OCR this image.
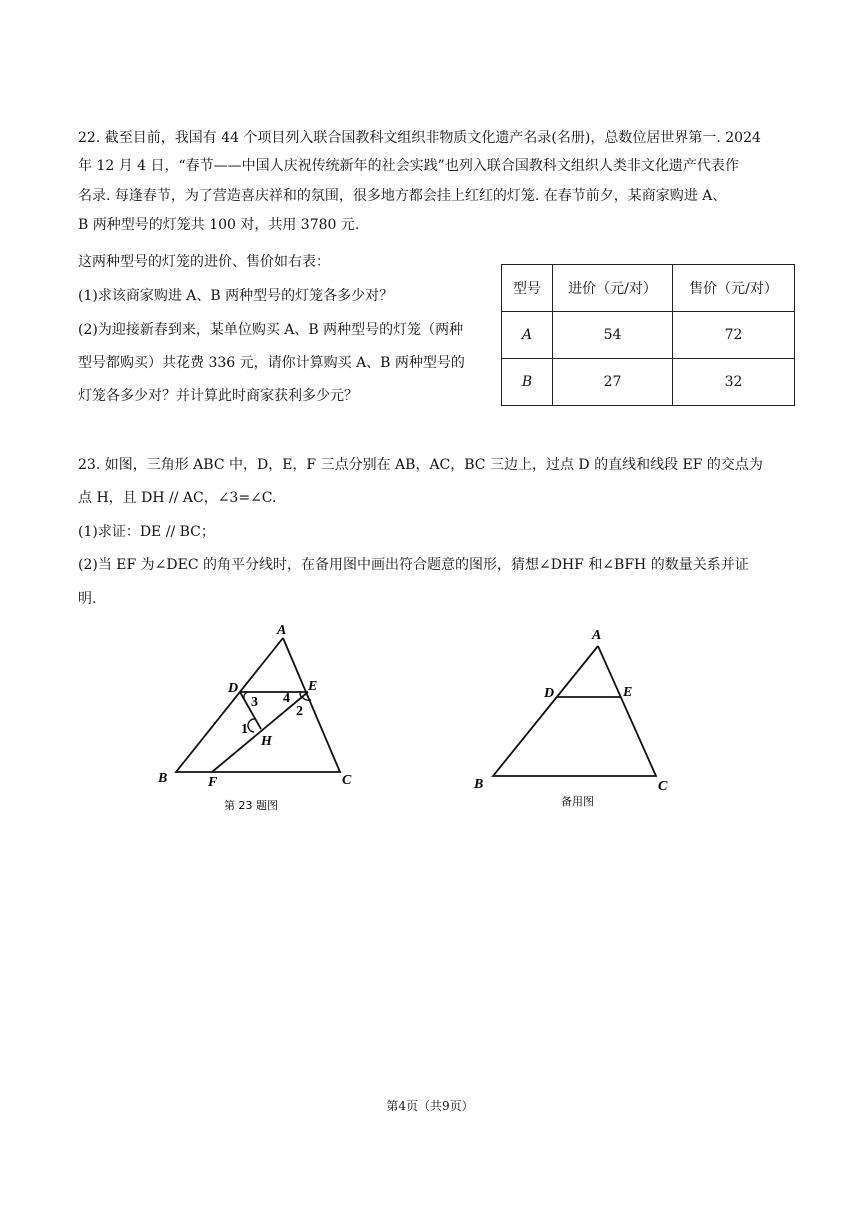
22. 截至目前，我国有 44 个项目列入联合国教科文组织非物质文化遗产名录(名册)，总数位居世界第一. 2024
年 12 月 4 日，“春节——中国人庆祝传统新年的社会实践”也列入联合国教科文组织人类非文化遗产代表作
名录. 每逢春节，为了营造喜庆祥和的氛围，很多地方都会挂上红红的灯笼. 在春节前夕，某商家购进 A、
B 两种型号的灯笼共 100 对，共用 3780 元.
这两种型号的灯笼的进价、售价如右表：
(1)求该商家购进 A、B 两种型号的灯笼各多少对？
(2)为迎接新春到来，某单位购买 A、B 两种型号的灯笼（两种
型号都购买）共花费 336 元，请你计算购买 A、B 两种型号的
灯笼各多少对？并计算此时商家获利多少元？
型号	进价（元/对）	售价（元/对）
A	54	72
B	27	32
23. 如图，三角形 ABC 中，D，E，F 三点分别在 AB，AC，BC 三边上，过点 D 的直线和线段 EF 的交点为
点 H，且 DH // AC，∠3=∠C.
(1)求证：DE // BC；
(2)当 EF 为∠DEC 的角平分线时，在备用图中画出符合题意的图形，猜想∠DHF 和∠BFH 的数量关系并证
明.
A
D	E
B	C
F
H
3 4
2
1
第 23 题图
A
D	E
B	C
备用图
第4页（共9页）
